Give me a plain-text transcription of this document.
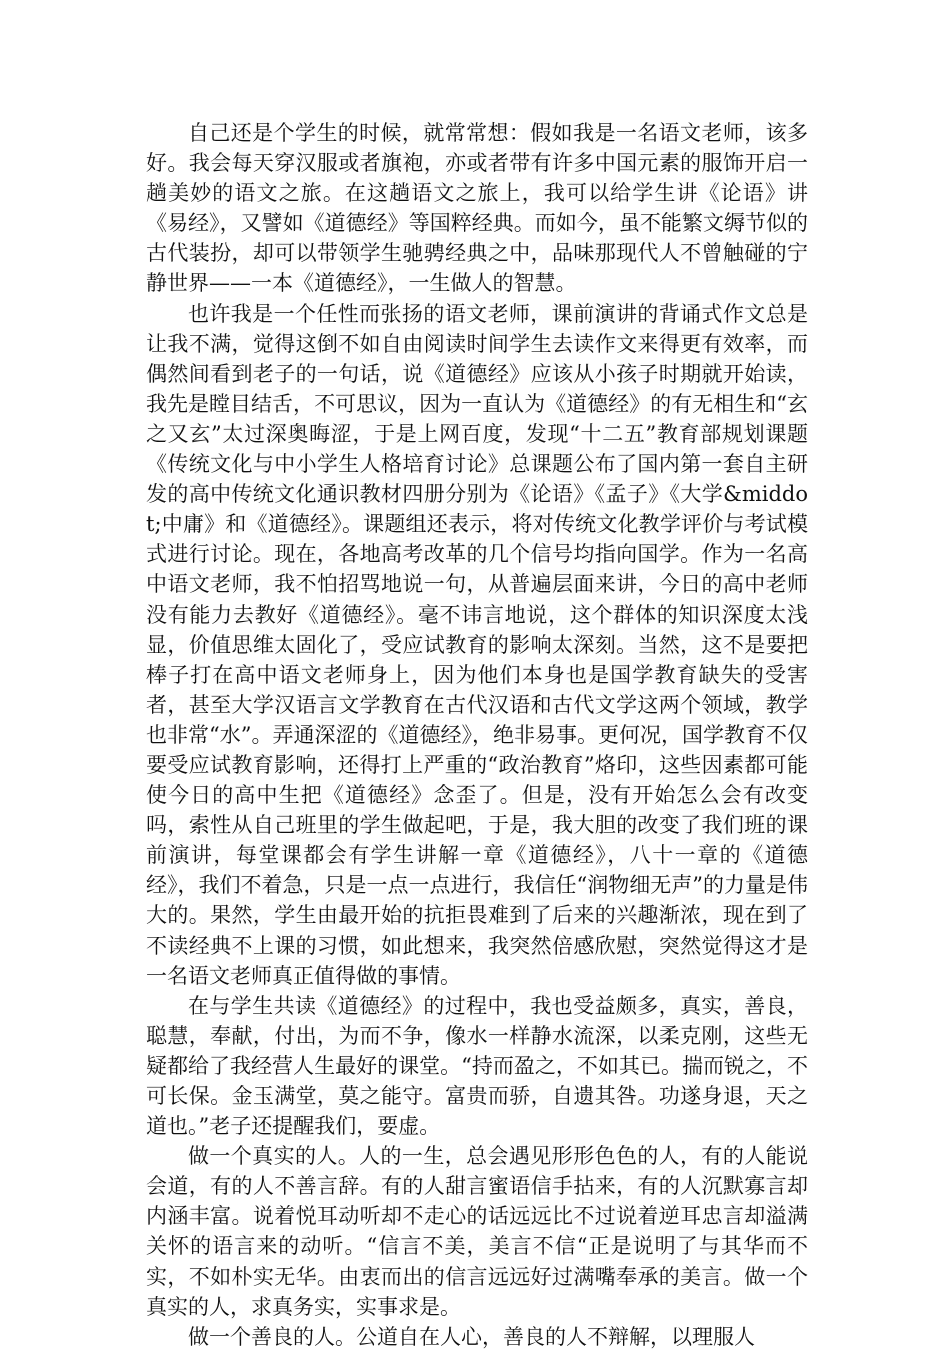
自己还是个学生的时候，就常常想：假如我是一名语文老师，该多好。我会每天穿汉服或者旗袍，亦或者带有许多中国元素的服饰开启一趟美妙的语文之旅。在这趟语文之旅上，我可以给学生讲《论语》讲《易经》，又譬如《道德经》等国粹经典。而如今，虽不能繁文缛节似的古代装扮，却可以带领学生驰骋经典之中，品味那现代人不曾触碰的宁静世界——一本《道德经》，一生做人的智慧。

也许我是一个任性而张扬的语文老师，课前演讲的背诵式作文总是让我不满，觉得这倒不如自由阅读时间学生去读作文来得更有效率，而偶然间看到老子的一句话，说《道德经》应该从小孩子时期就开始读，我先是瞠目结舌，不可思议，因为一直认为《道德经》的有无相生和“玄之又玄”太过深奥晦涩，于是上网百度，发现“十二五”教育部规划课题《传统文化与中小学生人格培育讨论》总课题公布了国内第一套自主研发的高中传统文化通识教材四册分别为《论语》《孟子》《大学&middot;中庸》和《道德经》。课题组还表示，将对传统文化教学评价与考试模式进行讨论。现在，各地高考改革的几个信号均指向国学。作为一名高中语文老师，我不怕招骂地说一句，从普遍层面来讲，今日的高中老师没有能力去教好《道德经》。毫不讳言地说，这个群体的知识深度太浅显，价值思维太固化了，受应试教育的影响太深刻。当然，这不是要把棒子打在高中语文老师身上，因为他们本身也是国学教育缺失的受害者，甚至大学汉语言文学教育在古代汉语和古代文学这两个领域，教学也非常“水”。弄通深涩的《道德经》，绝非易事。更何况，国学教育不仅要受应试教育影响，还得打上严重的“政治教育”烙印，这些因素都可能使今日的高中生把《道德经》念歪了。但是，没有开始怎么会有改变吗，索性从自己班里的学生做起吧，于是，我大胆的改变了我们班的课前演讲，每堂课都会有学生讲解一章《道德经》，八十一章的《道德经》，我们不着急，只是一点一点进行，我信任“润物细无声”的力量是伟大的。果然，学生由最开始的抗拒畏难到了后来的兴趣渐浓，现在到了不读经典不上课的习惯，如此想来，我突然倍感欣慰，突然觉得这才是一名语文老师真正值得做的事情。

在与学生共读《道德经》的过程中，我也受益颇多，真实，善良，聪慧，奉献，付出，为而不争，像水一样静水流深，以柔克刚，这些无疑都给了我经营人生最好的课堂。“持而盈之，不如其已。揣而锐之，不可长保。金玉满堂，莫之能守。富贵而骄，自遗其咎。功遂身退，天之道也。”老子还提醒我们，要虚。

做一个真实的人。人的一生，总会遇见形形色色的人，有的人能说会道，有的人不善言辞。有的人甜言蜜语信手拈来，有的人沉默寡言却内涵丰富。说着悦耳动听却不走心的话远远比不过说着逆耳忠言却溢满关怀的语言来的动听。“信言不美，美言不信“正是说明了与其华而不实，不如朴实无华。由衷而出的信言远远好过满嘴奉承的美言。做一个真实的人，求真务实，实事求是。

做一个善良的人。公道自在人心，善良的人不辩解，以理服人
